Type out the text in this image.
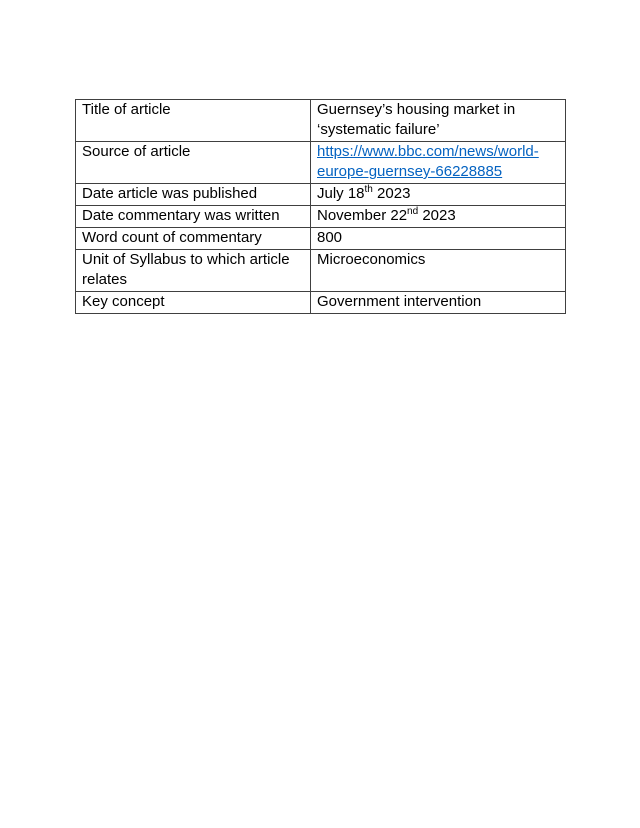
Title of article	Guernsey’s housing market in ‘systematic failure’
Source of article	https://www.bbc.com/news/world-europe-guernsey-66228885
Date article was published	July 18th 2023
Date commentary was written	November 22nd 2023
Word count of commentary	800
Unit of Syllabus to which article relates	Microeconomics
Key concept	Government intervention
